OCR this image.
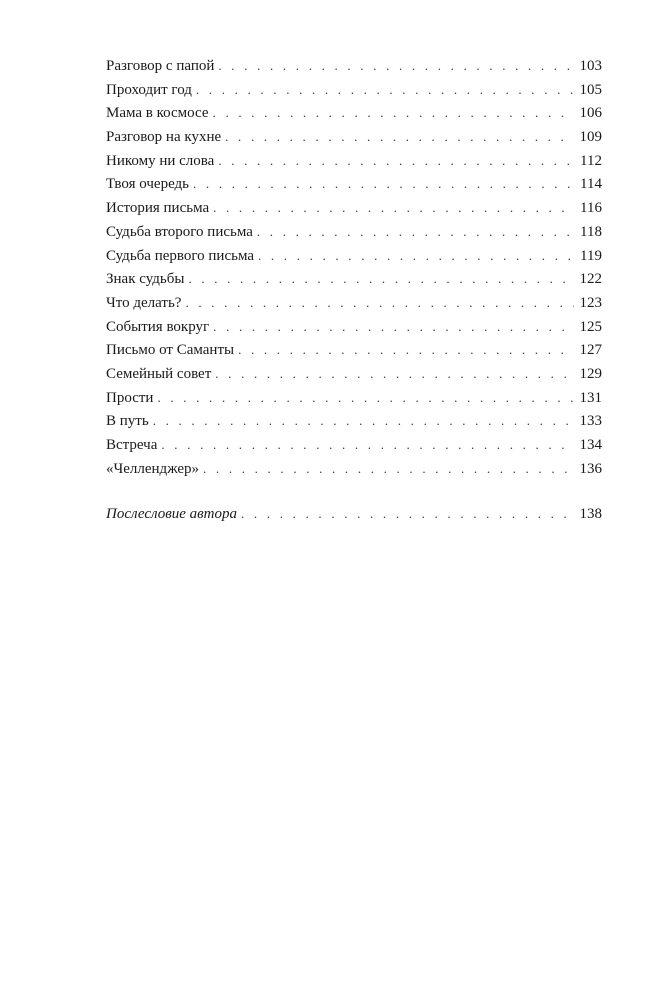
Разговор с папой . . .	103
Проходит год . . .	105
Мама в космосе . . .	106
Разговор на кухне . . .	109
Никому ни слова . . .	112
Твоя очередь . . .	114
История письма . . .	116
Судьба второго письма . . .	118
Судьба первого письма . . .	119
Знак судьбы . . .	122
Что делать? . . .	123
События вокруг . . .	125
Письмо от Саманты . . .	127
Семейный совет . . .	129
Прости . . .	131
В путь . . .	133
Встреча . . .	134
«Челленджер» . . .	136
Послесловие автора . . .	138
